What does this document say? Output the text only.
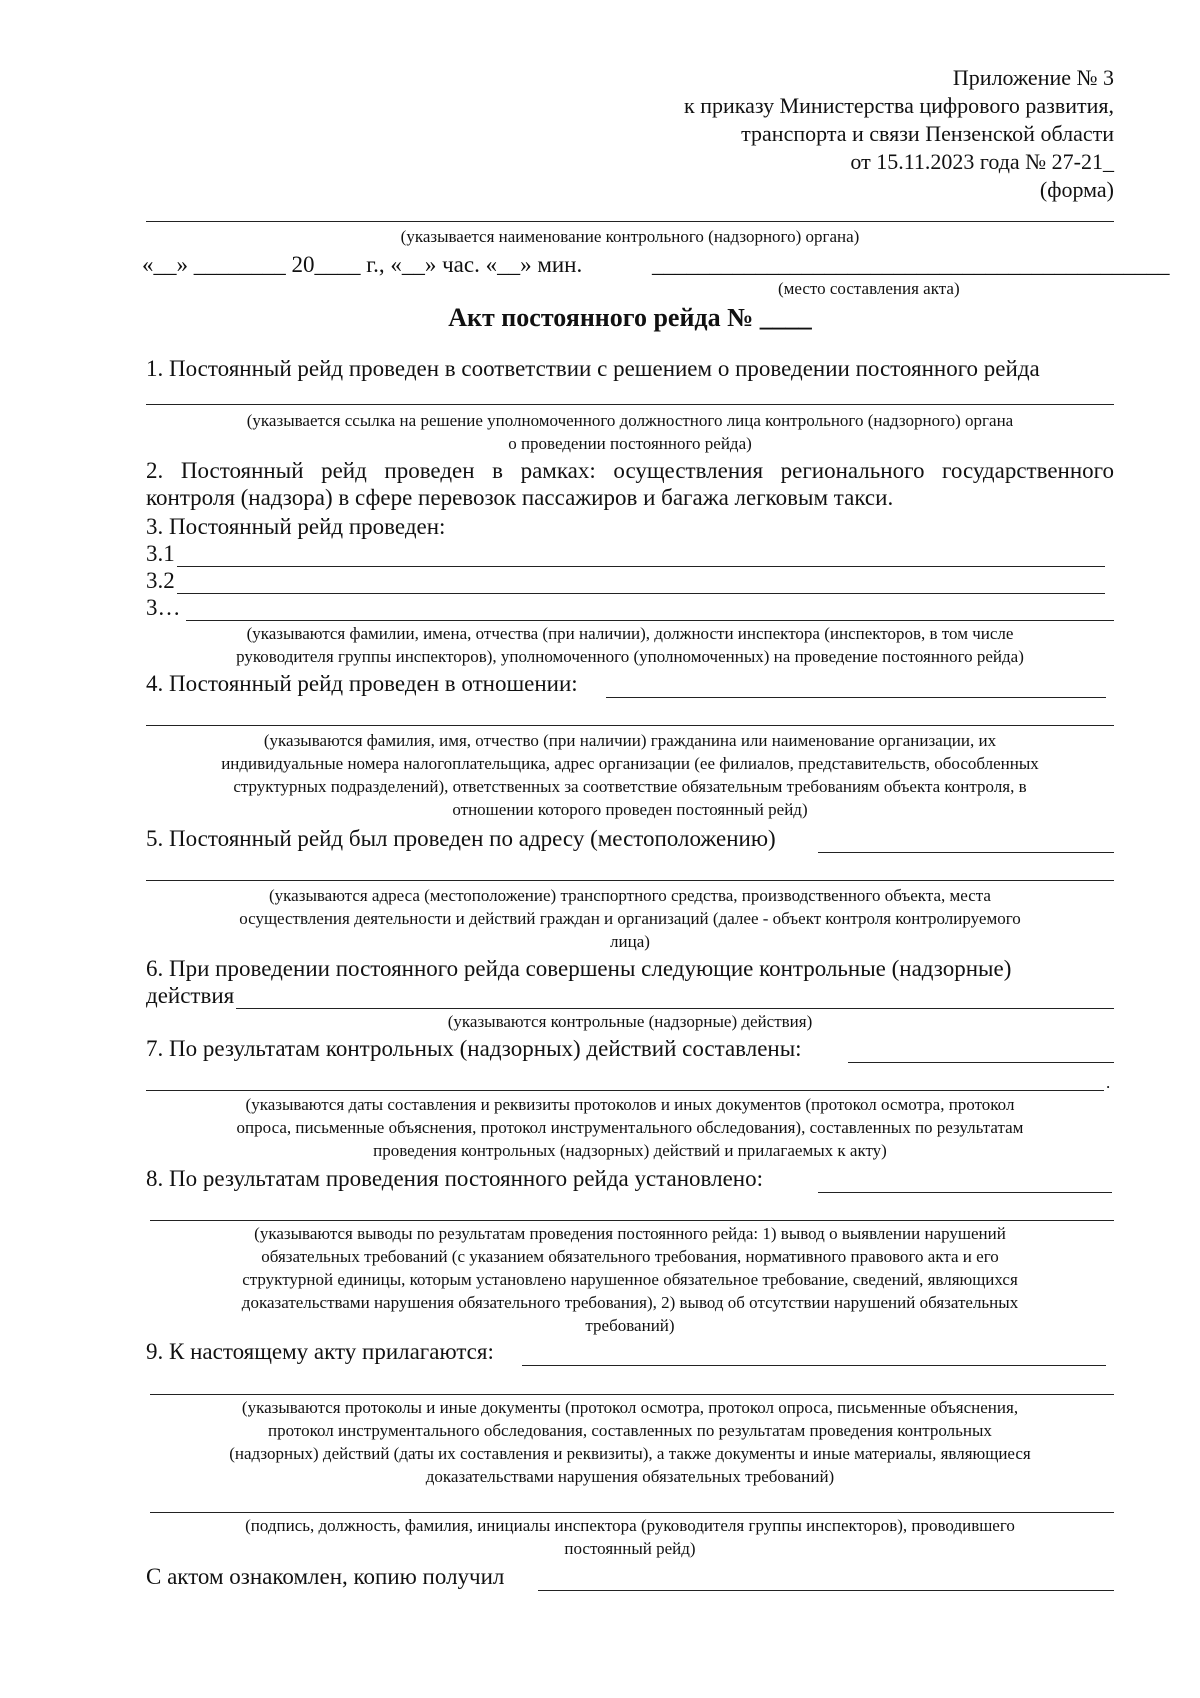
Приложение № 3
к приказу Министерства цифрового развития,
транспорта и связи Пензенской области
от 15.11.2023 года № 27-21_
(форма)
(указывается наименование контрольного (надзорного) органа)
«__» ________ 20____ г., «__» час. «__» мин.	_____________________________________________
(место составления акта)
Акт постоянного рейда № ____
1. Постоянный рейд проведен в соответствии с решением о проведении постоянного рейда
(указывается ссылка на решение уполномоченного должностного лица контрольного (надзорного) органа
о проведении постоянного рейда)
2. Постоянный рейд проведен в рамках: осуществления регионального государственного
контроля (надзора) в сфере перевозок пассажиров и багажа легковым такси.
3. Постоянный рейд проведен:
3.1
3.2
3…
(указываются фамилии, имена, отчества (при наличии), должности инспектора (инспекторов, в том числе
руководителя группы инспекторов), уполномоченного (уполномоченных) на проведение постоянного рейда)
4. Постоянный рейд проведен в отношении:
(указываются фамилия, имя, отчество (при наличии) гражданина или наименование организации, их
индивидуальные номера налогоплательщика, адрес организации (ее филиалов, представительств, обособленных
структурных подразделений), ответственных за соответствие обязательным требованиям объекта контроля, в
отношении которого проведен постоянный рейд)
5. Постоянный рейд был проведен по адресу (местоположению)
(указываются адреса (местоположение) транспортного средства, производственного объекта, места
осуществления деятельности и действий граждан и организаций (далее - объект контроля контролируемого
лица)
6. При проведении постоянного рейда совершены следующие контрольные (надзорные)
действия
(указываются контрольные (надзорные) действия)
7. По результатам контрольных (надзорных) действий составлены:
.
(указываются даты составления и реквизиты протоколов и иных документов (протокол осмотра, протокол
опроса, письменные объяснения, протокол инструментального обследования), составленных по результатам
проведения контрольных (надзорных) действий и прилагаемых к акту)
8. По результатам проведения постоянного рейда установлено:
(указываются выводы по результатам проведения постоянного рейда: 1) вывод о выявлении нарушений
обязательных требований (с указанием обязательного требования, нормативного правового акта и его
структурной единицы, которым установлено нарушенное обязательное требование, сведений, являющихся
доказательствами нарушения обязательного требования), 2) вывод об отсутствии нарушений обязательных
требований)
9. К настоящему акту прилагаются:
(указываются протоколы и иные документы (протокол осмотра, протокол опроса, письменные объяснения,
протокол инструментального обследования, составленных по результатам проведения контрольных
(надзорных) действий (даты их составления и реквизиты), а также документы и иные материалы, являющиеся
доказательствами нарушения обязательных требований)
(подпись, должность, фамилия, инициалы инспектора (руководителя группы инспекторов), проводившего
постоянный рейд)
С актом ознакомлен, копию получил
